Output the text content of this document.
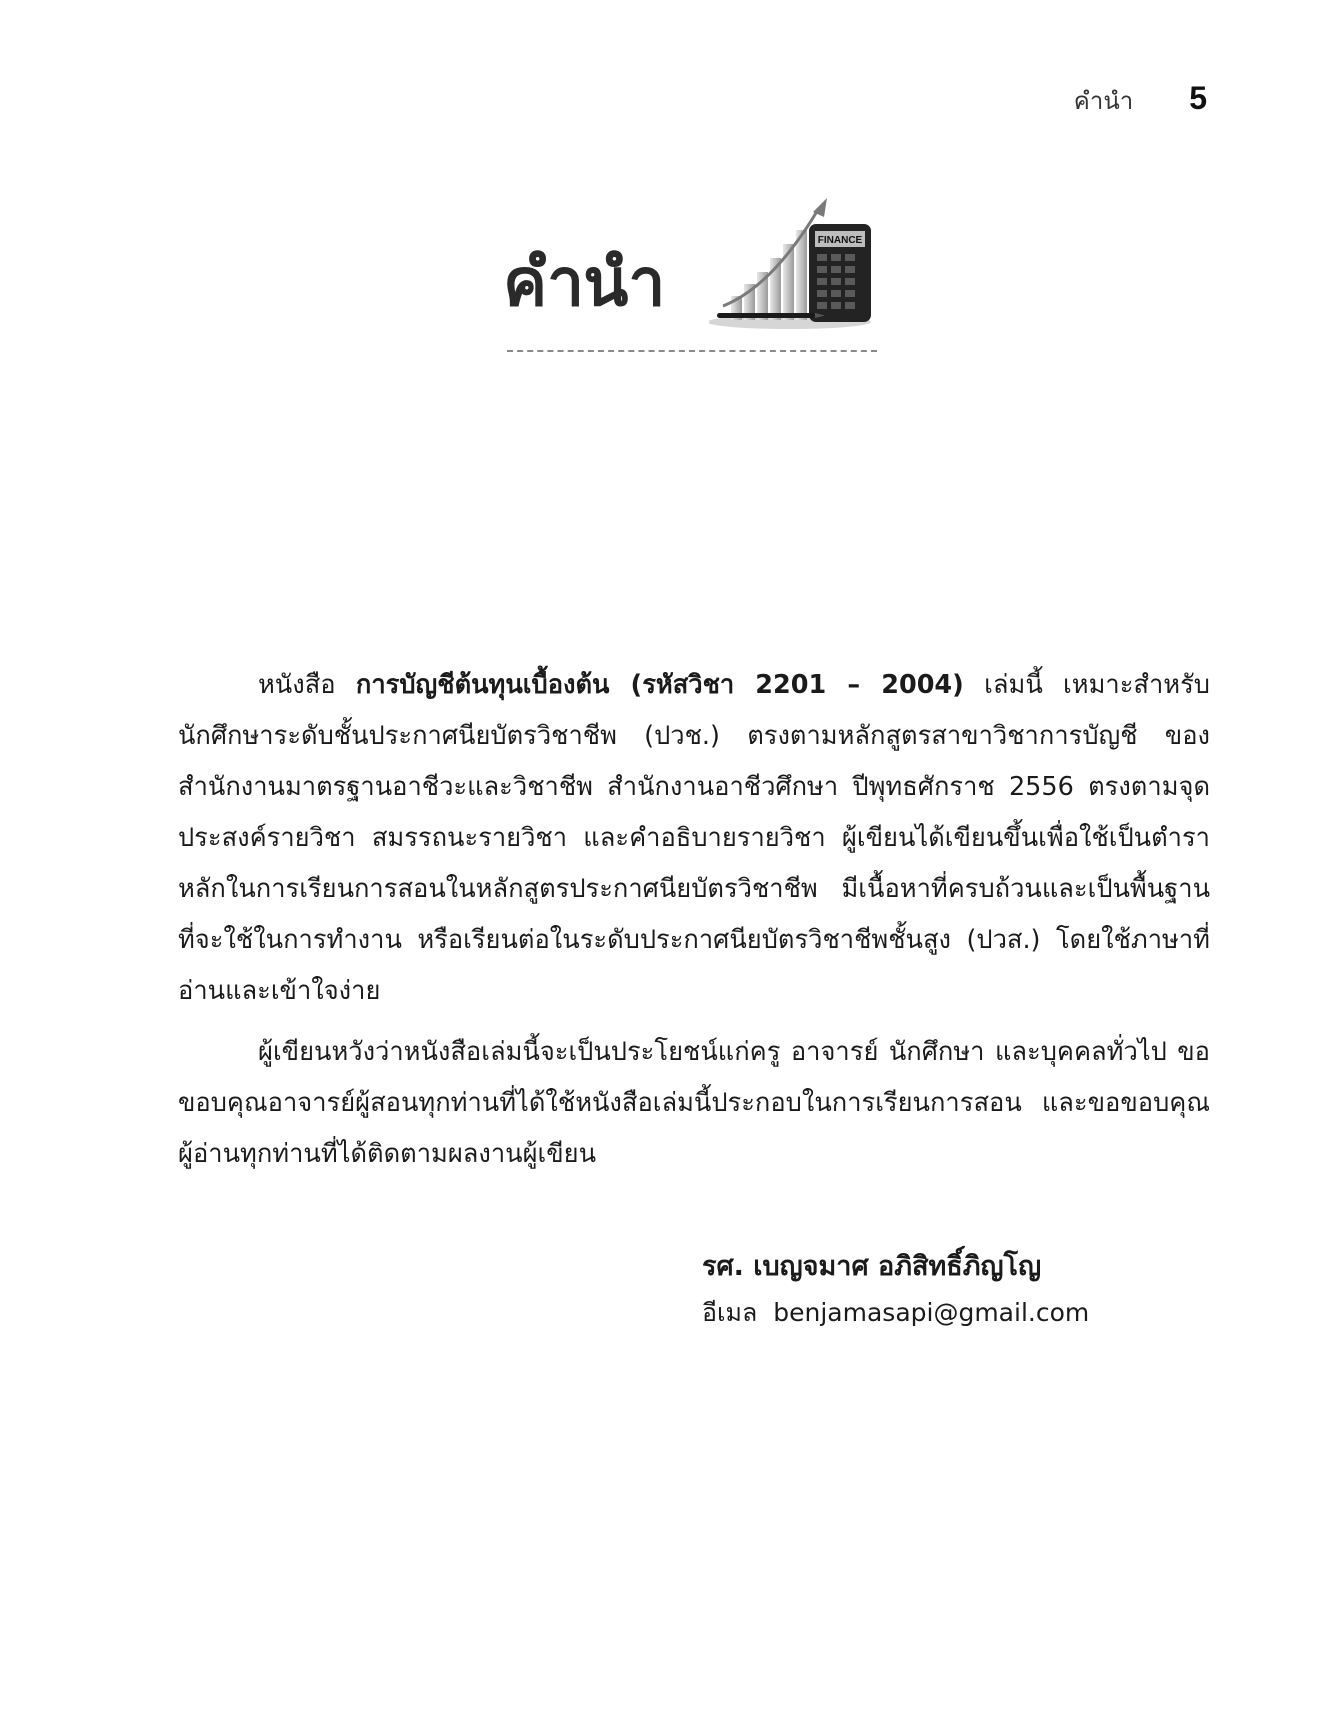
คำนำ 5
คำนำ
FINANCE

หนังสือ การบัญชีต้นทุนเบื้องต้น (รหัสวิชา 2201 – 2004) เล่มนี้ เหมาะสำหรับนักศึกษาระดับชั้นประกาศนียบัตรวิชาชีพ (ปวช.) ตรงตามหลักสูตรสาขาวิชาการบัญชี ของสำนักงานมาตรฐานอาชีวะและวิชาชีพ สำนักงานอาชีวศึกษา ปีพุทธศักราช 2556 ตรงตามจุดประสงค์รายวิชา สมรรถนะรายวิชา และคำอธิบายรายวิชา ผู้เขียนได้เขียนขึ้นเพื่อใช้เป็นตำราหลักในการเรียนการสอนในหลักสูตรประกาศนียบัตรวิชาชีพ มีเนื้อหาที่ครบถ้วนและเป็นพื้นฐานที่จะใช้ในการทำงาน หรือเรียนต่อในระดับประกาศนียบัตรวิชาชีพชั้นสูง (ปวส.) โดยใช้ภาษาที่อ่านและเข้าใจง่าย

ผู้เขียนหวังว่าหนังสือเล่มนี้จะเป็นประโยชน์แก่ครู อาจารย์ นักศึกษา และบุคคลทั่วไป ขอขอบคุณอาจารย์ผู้สอนทุกท่านที่ได้ใช้หนังสือเล่มนี้ประกอบในการเรียนการสอน และขอขอบคุณผู้อ่านทุกท่านที่ได้ติดตามผลงานผู้เขียน

รศ. เบญจมาศ อภิสิทธิ์ภิญโญ
อีเมล benjamasapi@gmail.com
